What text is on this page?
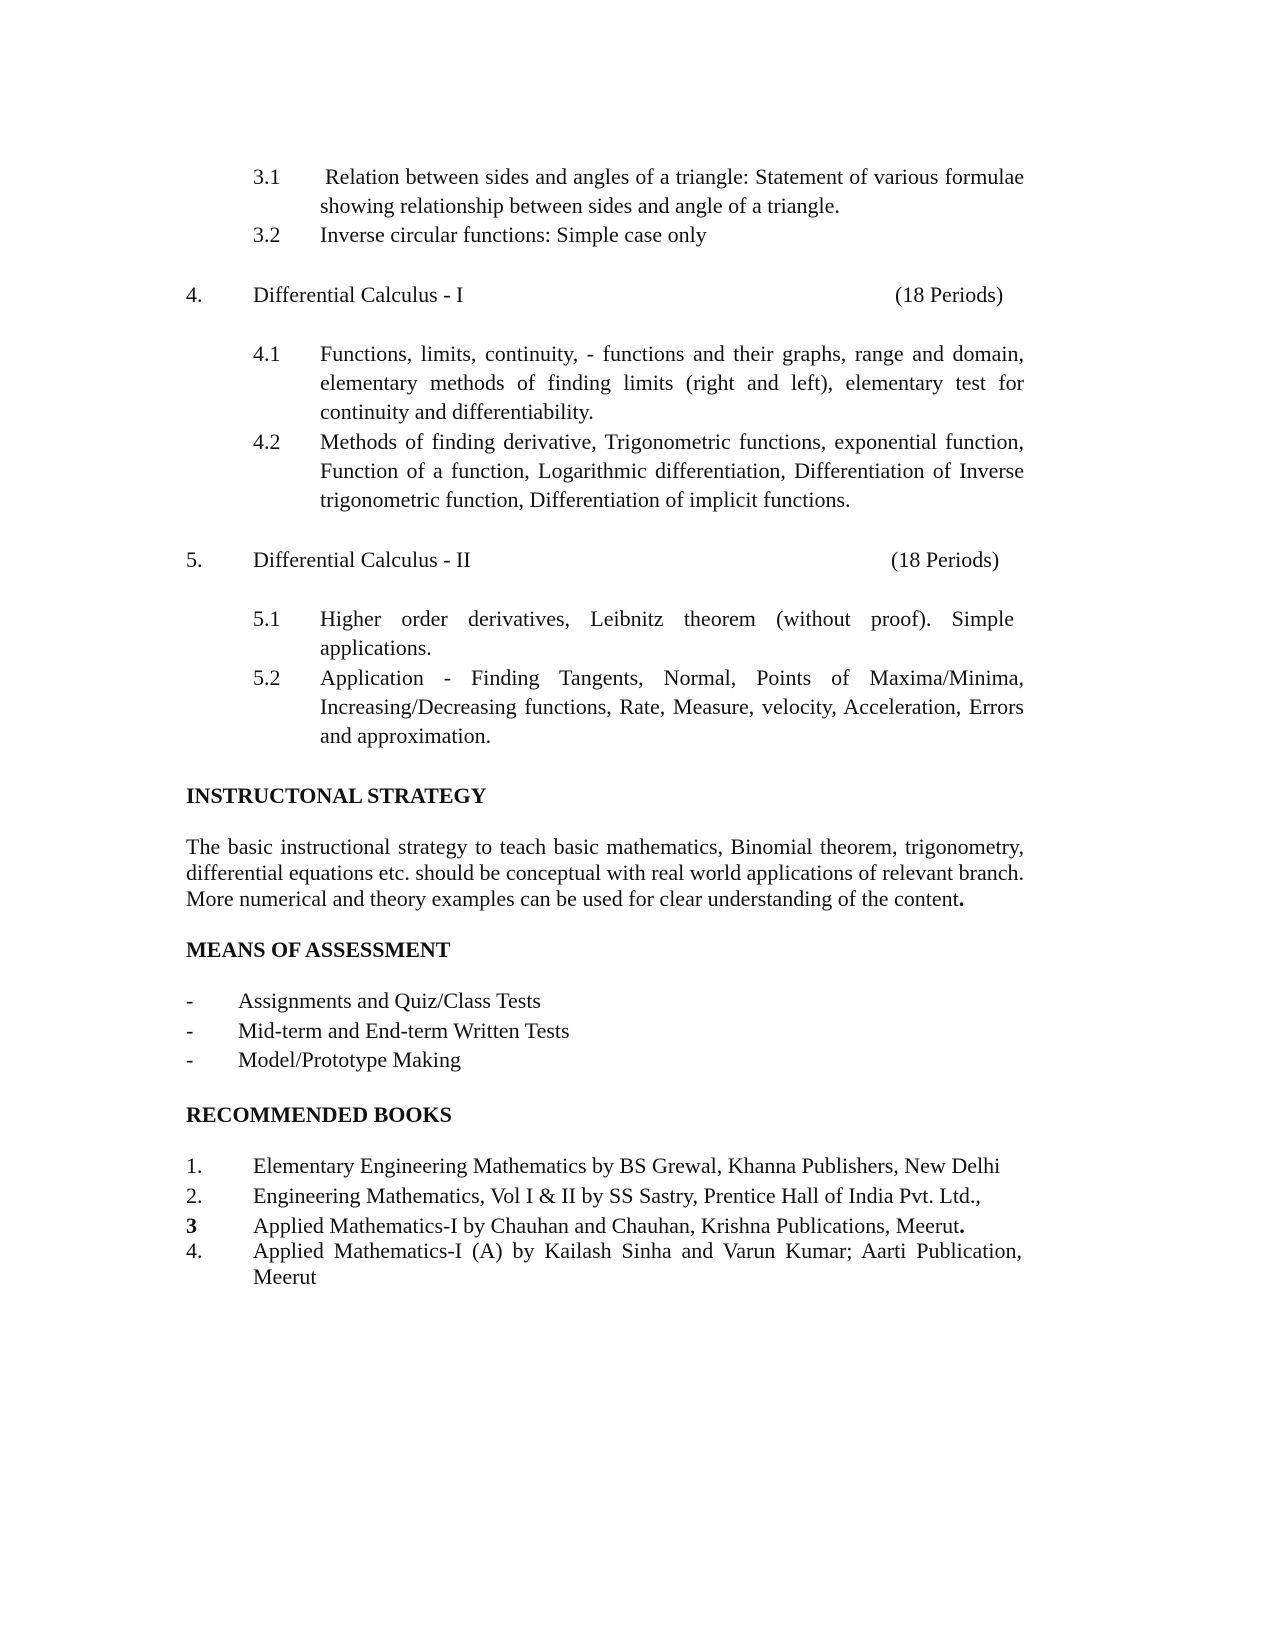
3.1 Relation between sides and angles of a triangle: Statement of various formulae
showing relationship between sides and angle of a triangle.
3.2 Inverse circular functions: Simple case only
4. Differential Calculus - I	(18 Periods)
4.1 Functions, limits, continuity, - functions and their graphs, range and domain,
elementary methods of finding limits (right and left), elementary test for
continuity and differentiability.
4.2 Methods of finding derivative, Trigonometric functions, exponential function,
Function of a function, Logarithmic differentiation, Differentiation of Inverse
trigonometric function, Differentiation of implicit functions.
5. Differential Calculus - II	(18 Periods)
5.1 Higher order derivatives, Leibnitz theorem (without proof). Simple
applications.
5.2 Application - Finding Tangents, Normal, Points of Maxima/Minima,
Increasing/Decreasing functions, Rate, Measure, velocity, Acceleration, Errors
and approximation.
INSTRUCTONAL STRATEGY
The basic instructional strategy to teach basic mathematics, Binomial theorem, trigonometry,
differential equations etc. should be conceptual with real world applications of relevant branch.
More numerical and theory examples can be used for clear understanding of the content.
MEANS OF ASSESSMENT
- Assignments and Quiz/Class Tests
- Mid-term and End-term Written Tests
- Model/Prototype Making
RECOMMENDED BOOKS
1. Elementary Engineering Mathematics by BS Grewal, Khanna Publishers, New Delhi
2. Engineering Mathematics, Vol I & II by SS Sastry, Prentice Hall of India Pvt. Ltd.,
3	Applied Mathematics-I by Chauhan and Chauhan, Krishna Publications, Meerut.
4. Applied Mathematics-I (A) by Kailash Sinha and Varun Kumar; Aarti Publication,
Meerut
